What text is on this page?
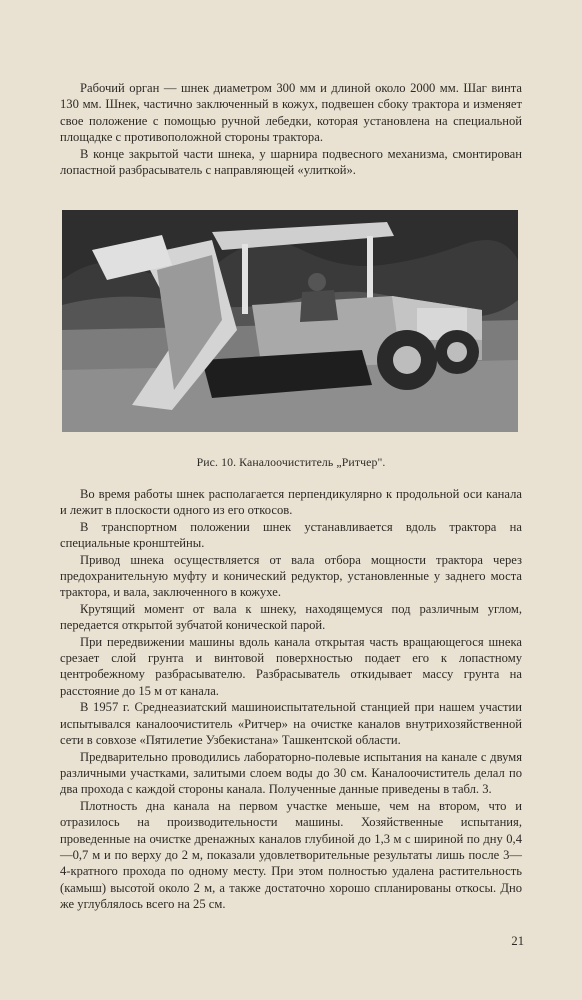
Рабочий орган — шнек диаметром 300 мм и длиной около 2000 мм. Шаг винта 130 мм. Шнек, частично заключенный в кожух, подвешен сбоку трактора и изменяет свое положение с помощью ручной лебедки, которая установлена на специальной площадке с противоположной стороны трактора.

В конце закрытой части шнека, у шарнира подвесного механизма, смонтирован лопастной разбрасыватель с направляющей «улиткой».

Рис. 10. Каналоочиститель „Ритчер".

Во время работы шнек располагается перпендикулярно к продольной оси канала и лежит в плоскости одного из его откосов.

В транспортном положении шнек устанавливается вдоль трактора на специальные кронштейны.

Привод шнека осуществляется от вала отбора мощности трактора через предохранительную муфту и конический редуктор, установленные у заднего моста трактора, и вала, заключенного в кожухе.

Крутящий момент от вала к шнеку, находящемуся под различным углом, передается открытой зубчатой конической парой.

При передвижении машины вдоль канала открытая часть вращающегося шнека срезает слой грунта и винтовой поверхностью подает его к лопастному центробежному разбрасывателю. Разбрасыватель откидывает массу грунта на расстояние до 15 м от канала.

В 1957 г. Среднеазиатский машиноиспытательной станцией при нашем участии испытывался каналоочиститель «Ритчер» на очистке каналов внутрихозяйственной сети в совхозе «Пятилетие Узбекистана» Ташкентской области.

Предварительно проводились лабораторно-полевые испытания на канале с двумя различными участками, залитыми слоем воды до 30 см. Каналоочиститель делал по два прохода с каждой стороны канала. Полученные данные приведены в табл. 3.

Плотность дна канала на первом участке меньше, чем на втором, что и отразилось на производительности машины. Хозяйственные испытания, проведенные на очистке дренажных каналов глубиной до 1,3 м с шириной по дну 0,4—0,7 м и по верху до 2 м, показали удовлетворительные результаты лишь после 3—4-кратного прохода по одному месту. При этом полностью удалена растительность (камыш) высотой около 2 м, а также достаточно хорошо спланированы откосы. Дно же углублялось всего на 25 см.

21
